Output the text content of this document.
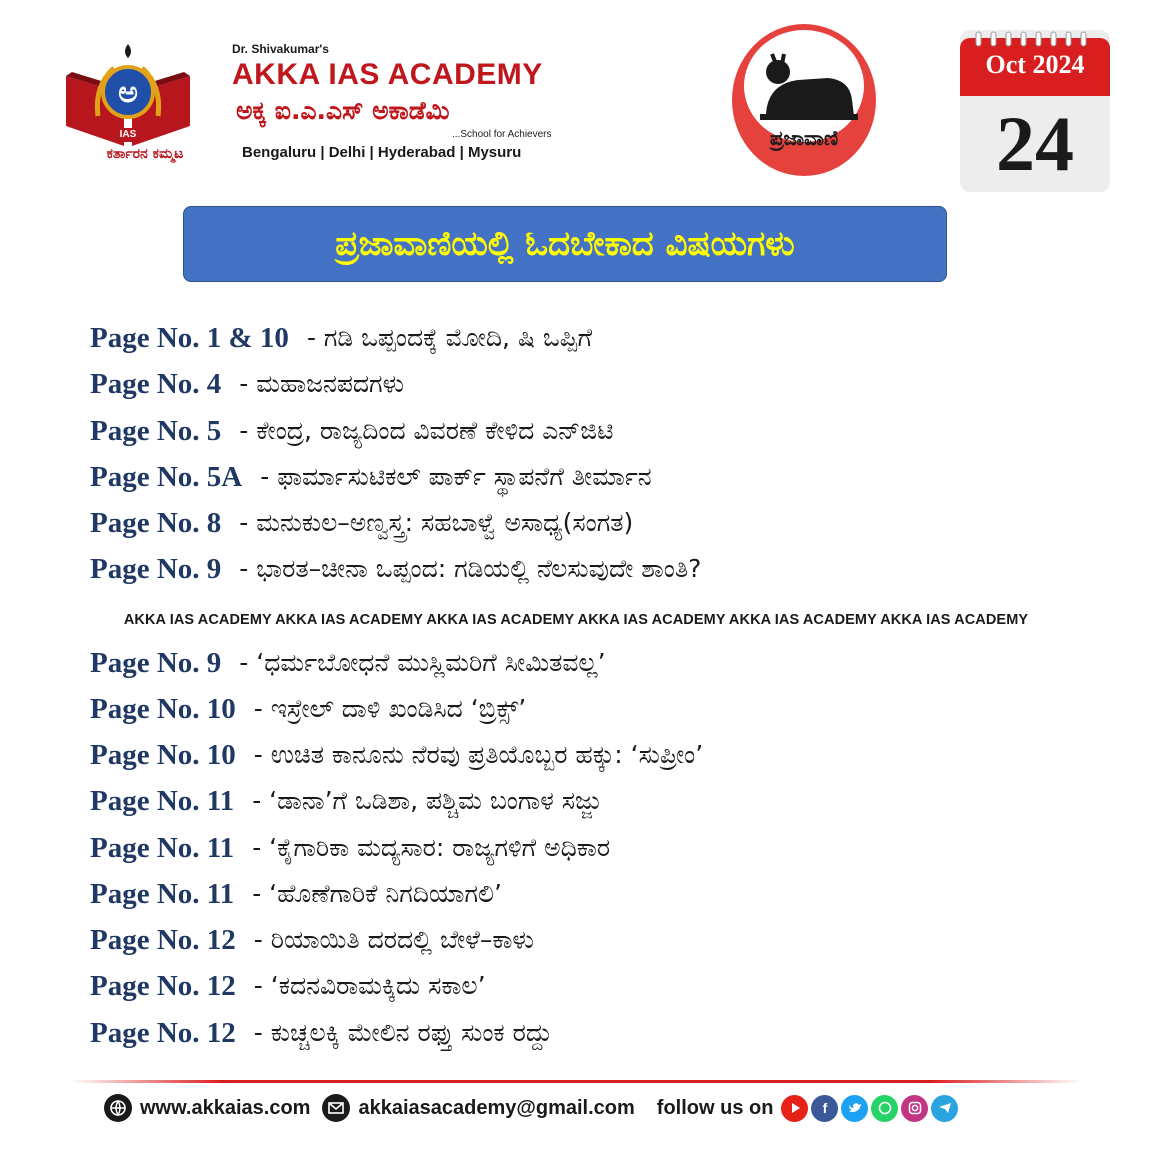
ಅ
IAS
ಕರ್ತಾರನ ಕಮ್ಮಟ
Dr. Shivakumar's
AKKA IAS ACADEMY
ಅಕ್ಕ ಐ.ಎ.ಎಸ್ ಅಕಾಡೆಮಿ
...School for Achievers
Bengaluru | Delhi | Hyderabad | Mysuru
ಪ್ರಜಾವಾಣಿ
Oct 2024
24
ಪ್ರಜಾವಾಣಿಯಲ್ಲಿ ಓದಬೇಕಾದ ವಿಷಯಗಳು
Page No. 1 & 10 - ಗಡಿ ಒಪ್ಪಂದಕ್ಕೆ ಮೋದಿ, ಷಿ ಒಪ್ಪಿಗೆ
Page No. 4 - ಮಹಾಜನಪದಗಳು
Page No. 5 - ಕೇಂದ್ರ, ರಾಜ್ಯದಿಂದ ವಿವರಣೆ ಕೇಳಿದ ಎನ್‌ಜಿಟಿ
Page No. 5A - ಫಾರ್ಮಾಸುಟಿಕಲ್ ಪಾರ್ಕ್ ಸ್ಥಾಪನೆಗೆ ತೀರ್ಮಾನ
Page No. 8 - ಮನುಕುಲ–ಅಣ್ವಸ್ತ್ರ: ಸಹಬಾಳ್ವೆ ಅಸಾಧ್ಯ(ಸಂಗತ)
Page No. 9 - ಭಾರತ–ಚೀನಾ ಒಪ್ಪಂದ: ಗಡಿಯಲ್ಲಿ ನೆಲಸುವುದೇ ಶಾಂತಿ?
AKKA IAS ACADEMY AKKA IAS ACADEMY AKKA IAS ACADEMY AKKA IAS ACADEMY AKKA IAS ACADEMY AKKA IAS ACADEMY
Page No. 9 - ‘ಧರ್ಮಬೋಧನೆ ಮುಸ್ಲಿಮರಿಗೆ ಸೀಮಿತವಲ್ಲ’
Page No. 10 - ಇಸ್ರೇಲ್ ದಾಳಿ ಖಂಡಿಸಿದ ‘ಬ್ರಿಕ್ಸ್’
Page No. 10 - ಉಚಿತ ಕಾನೂನು ನೆರವು ಪ್ರತಿಯೊಬ್ಬರ ಹಕ್ಕು: ‘ಸುಪ್ರೀಂ’
Page No. 11 - ‘ಡಾನಾ’ಗೆ ಒಡಿಶಾ, ಪಶ್ಚಿಮ ಬಂಗಾಳ ಸಜ್ಜು
Page No. 11 - ‘ಕೈಗಾರಿಕಾ ಮದ್ಯಸಾರ: ರಾಜ್ಯಗಳಿಗೆ ಅಧಿಕಾರ
Page No. 11 - ‘ಹೊಣೆಗಾರಿಕೆ ನಿಗದಿಯಾಗಲಿ’
Page No. 12 - ರಿಯಾಯಿತಿ ದರದಲ್ಲಿ ಬೇಳೆ–ಕಾಳು
Page No. 12 - ‘ಕದನವಿರಾಮಕ್ಕಿದು ಸಕಾಲ’
Page No. 12 - ಕುಚ್ಚಲಕ್ಕಿ ಮೇಲಿನ ರಫ್ತು ಸುಂಕ ರದ್ದು
www.akkaias.com akkaiasacademy@gmail.com follow us on	f
